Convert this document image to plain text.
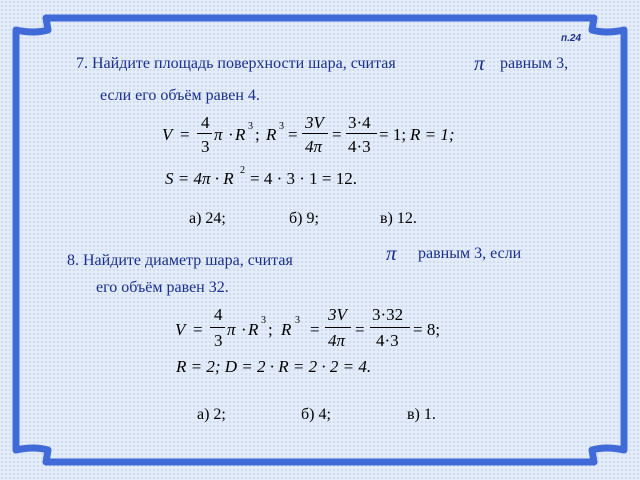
п.24
7. Найдите площадь поверхности шара, считая	π равным 3,
если его объём равен 4.
V =
4
3
π · R 3 ; R 3 =
3V
4π
=
3·4
4·3
= 1; R = 1;
S = 4π · R 2 = 4 · 3 · 1 = 12.
а) 24;	б) 9;	в) 12.
8. Найдите диаметр шара, считая	π равным 3, если
его объём равен 32.
V =
4
3
π · R 3 ; R 3 =
3V
4π
=
3·32
4·3
= 8;
R = 2; D = 2 · R = 2 · 2 = 4.
а) 2;	б) 4;	в) 1.
